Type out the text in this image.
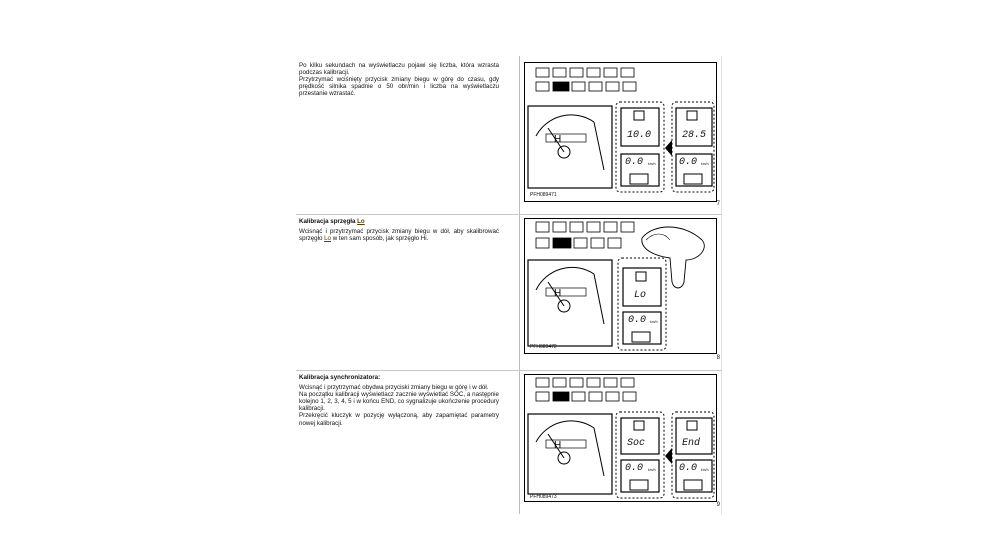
Po kilku sekundach na wyświetlaczu pojawi się liczba, która wzrasta podczas kalibracji.
Przytrzymać wciśnięty przycisk zmiany biegu w górę do czasu, gdy prędkość silnika spadnie o 50 obr/min i liczba na wyświetlaczu przestanie wzrastać.
H	10.0	28.5
0.0	0.0
km/h	km/h
PFH089471
7
Kalibracja sprzęgła Lo
Wcisnąć i przytrzymać przycisk zmiany biegu w dół, aby skalibrować sprzęgło Lo w ten sam sposób, jak sprzęgło Hi.
H	Lo
0.0 km/h
PFH089472
8
Kalibracja synchronizatora:
Wcisnąć i przytrzymać obydwa przyciski zmiany biegu w górę i w dół.
Na początku kalibracji wyświetlacz zacznie wyświetlać SOC, a następnie kolejno 1, 2, 3, 4, 5 i w końcu END, co sygnalizuje ukończenie procedury kalibracji.
Przekręcić kluczyk w pozycję wyłączoną, aby zapamiętać parametry nowej kalibracji.
H	Soc	End
0.0	0.0
km/h	km/h
PFH089473
9
